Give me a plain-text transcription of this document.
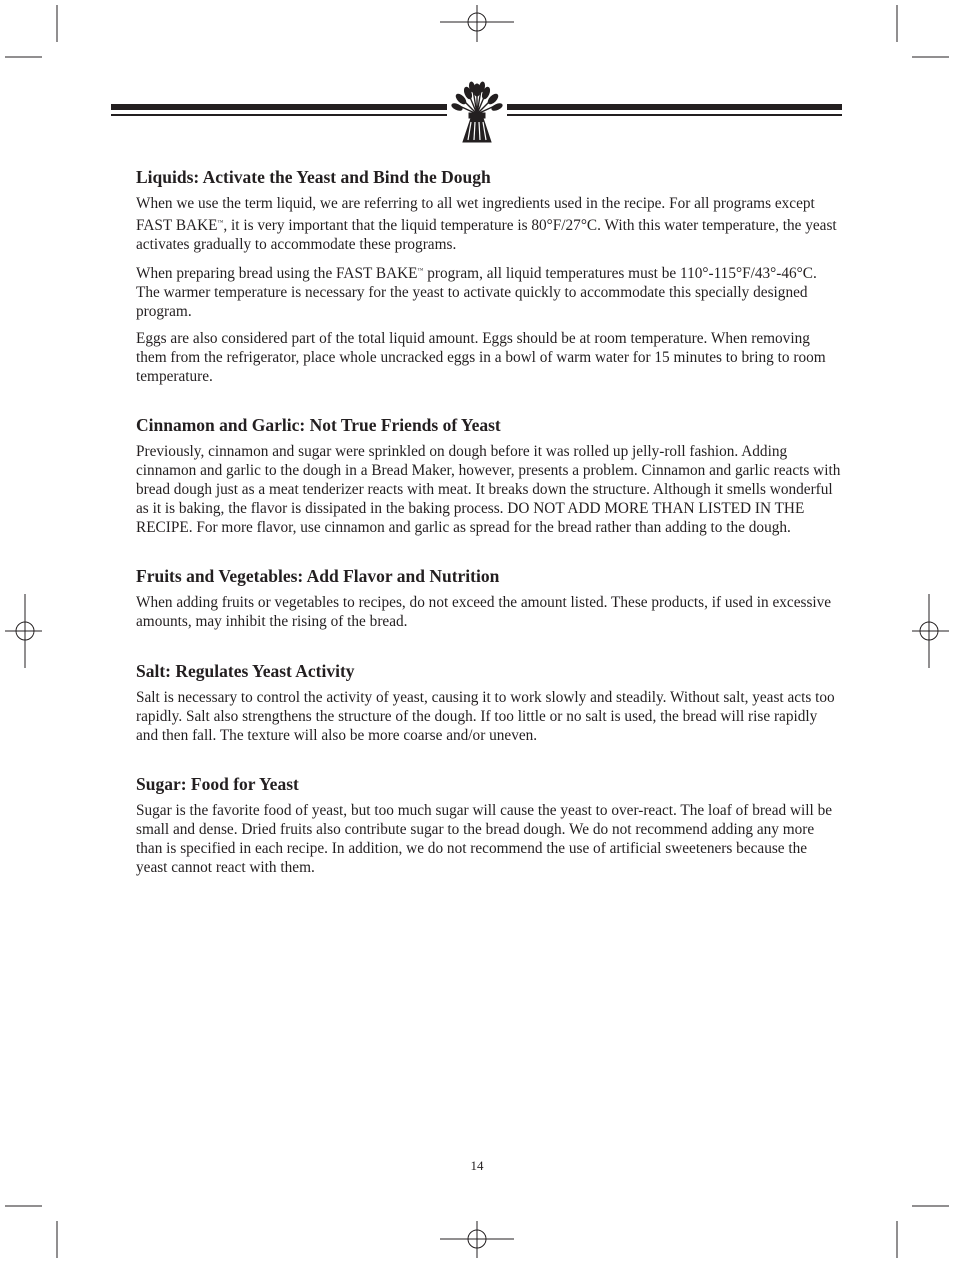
Liquids: Activate the Yeast and Bind the Dough

When we use the term liquid, we are referring to all wet ingredients used in the recipe. For all programs except FAST BAKE™, it is very important that the liquid temperature is 80°F/27°C. With this water temperature, the yeast activates gradually to accommodate these programs.

When preparing bread using the FAST BAKE™ program, all liquid temperatures must be 110°-115°F/43°-46°C. The warmer temperature is necessary for the yeast to activate quickly to accommodate this specially designed program.

Eggs are also considered part of the total liquid amount. Eggs should be at room temperature. When removing them from the refrigerator, place whole uncracked eggs in a bowl of warm water for 15 minutes to bring to room temperature.

Cinnamon and Garlic: Not True Friends of Yeast

Previously, cinnamon and sugar were sprinkled on dough before it was rolled up jelly-roll fashion. Adding cinnamon and garlic to the dough in a Bread Maker, however, presents a problem. Cinnamon and garlic reacts with bread dough just as a meat tenderizer reacts with meat. It breaks down the structure. Although it smells wonderful as it is baking, the flavor is dissipated in the baking process. DO NOT ADD MORE THAN LISTED IN THE RECIPE. For more flavor, use cinnamon and garlic as spread for the bread rather than adding to the dough.

Fruits and Vegetables: Add Flavor and Nutrition

When adding fruits or vegetables to recipes, do not exceed the amount listed. These products, if used in excessive amounts, may inhibit the rising of the bread.

Salt: Regulates Yeast Activity

Salt is necessary to control the activity of yeast, causing it to work slowly and steadily. Without salt, yeast acts too rapidly. Salt also strengthens the structure of the dough. If too little or no salt is used, the bread will rise rapidly and then fall. The texture will also be more coarse and/or uneven.

Sugar: Food for Yeast

Sugar is the favorite food of yeast, but too much sugar will cause the yeast to over-react. The loaf of bread will be small and dense. Dried fruits also contribute sugar to the bread dough. We do not recommend adding any more than is specified in each recipe. In addition, we do not recommend the use of artificial sweeteners because the yeast cannot react with them.

14
